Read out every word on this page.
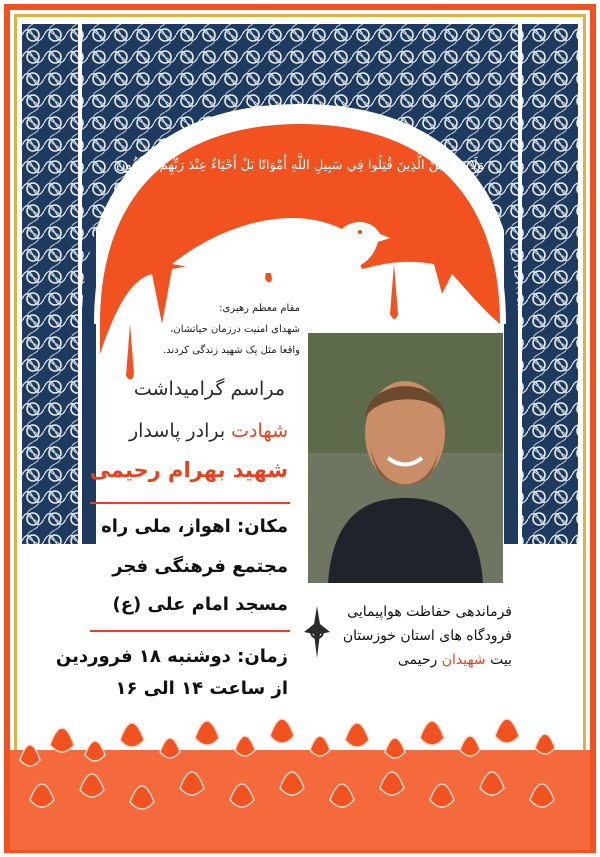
وَلَا تَحْسَبَنَّ الَّذِينَ قُتِلُوا فِي سَبِيلِ اللَّهِ أَمْوَاتًا بَلْ أَحْيَاءٌ عِنْدَ رَبِّهِمْ يُرْزَقُونَ
مقام معظم رهبری:
شهدای امنیت درزمان حیاتشان،
واقعا مثل یک شهید زندگی کردند.
مراسم گرامیداشت
شهادت برادر پاسدار
شهید بهرام رحیمی
مکان: اهواز، ملی راه
مجتمع فرهنگی فجر
مسجد امام علی (ع)
زمان: دوشنبه ۱۸ فروردین
از ساعت ۱۴ الی ۱۶
فرماندهی حفاظت هواپیمایی
فرودگاه های استان خوزستان
بیت شهیدان رحیمی
